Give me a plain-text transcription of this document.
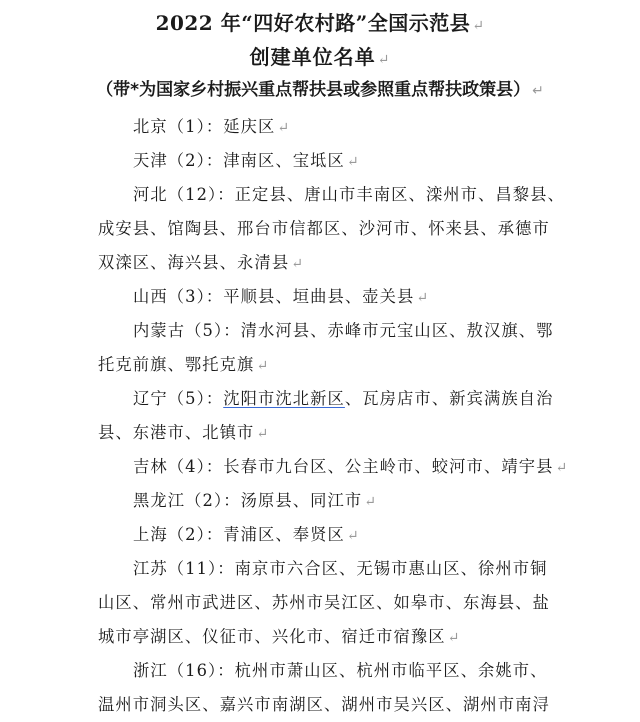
2022 年“四好农村路”全国示范县 ↵
创建单位名单 ↵
（带*为国家乡村振兴重点帮扶县或参照重点帮扶政策县） ↵
北京（1）：延庆区 ↵
天津（2）：津南区、宝坻区 ↵
河北（12）：正定县、唐山市丰南区、滦州市、昌黎县、
成安县、馆陶县、邢台市信都区、沙河市、怀来县、承德市
双滦区、海兴县、永清县 ↵
山西（3）：平顺县、垣曲县、壶关县 ↵
内蒙古（5）：清水河县、赤峰市元宝山区、敖汉旗、鄂
托克前旗、鄂托克旗 ↵
辽宁（5）：沈阳市沈北新区、瓦房店市、新宾满族自治
县、东港市、北镇市 ↵
吉林（4）：长春市九台区、公主岭市、蛟河市、靖宇县 ↵
黑龙江（2）：汤原县、同江市 ↵
上海（2）：青浦区、奉贤区 ↵
江苏（11）：南京市六合区、无锡市惠山区、徐州市铜
山区、常州市武进区、苏州市吴江区、如皋市、东海县、盐
城市亭湖区、仪征市、兴化市、宿迁市宿豫区 ↵
浙江（16）：杭州市萧山区、杭州市临平区、余姚市、
温州市洞头区、嘉兴市南湖区、湖州市吴兴区、湖州市南浔
